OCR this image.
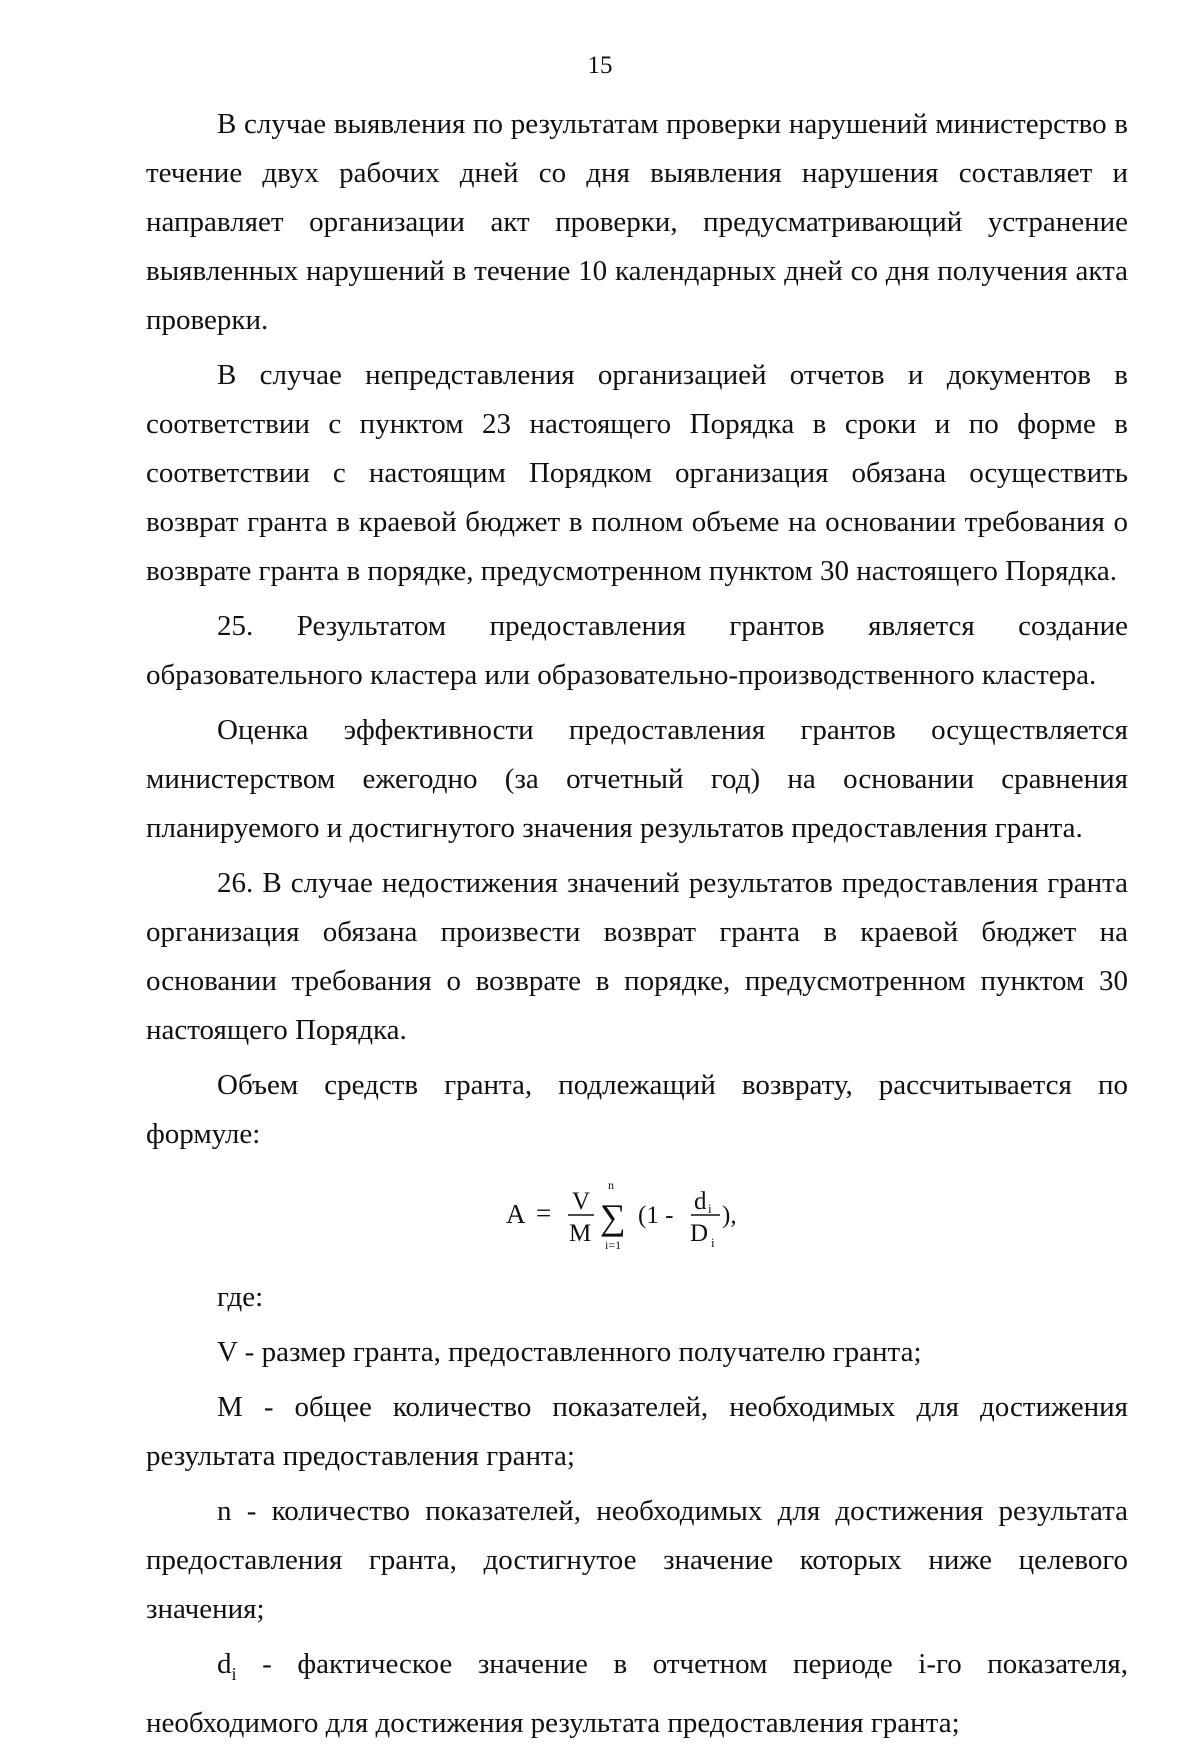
15

В случае выявления по результатам проверки нарушений министерство в течение двух рабочих дней со дня выявления нарушения составляет и направляет организации акт проверки, предусматривающий устранение выявленных нарушений в течение 10 календарных дней со дня получения акта проверки.

В случае непредставления организацией отчетов и документов в соответствии с пунктом 23 настоящего Порядка в сроки и по форме в соответствии с настоящим Порядком организация обязана осуществить возврат гранта в краевой бюджет в полном объеме на основании требования о возврате гранта в порядке, предусмотренном пунктом 30 настоящего Порядка.

25. Результатом предоставления грантов является создание образовательного кластера или образовательно-производственного кластера.

Оценка эффективности предоставления грантов осуществляется министерством ежегодно (за отчетный год) на основании сравнения планируемого и достигнутого значения результатов предоставления гранта.

26. В случае недостижения значений результатов предоставления гранта организация обязана произвести возврат гранта в краевой бюджет на основании требования о возврате в порядке, предусмотренном пунктом 30 настоящего Порядка.

Объем средств гранта, подлежащий возврату, рассчитывается по формуле:

A = V
M
n
∑
i=1
(1 -
d i
D i
),

где:

V - размер гранта, предоставленного получателю гранта;

M - общее количество показателей, необходимых для достижения результата предоставления гранта;

n - количество показателей, необходимых для достижения результата предоставления гранта, достигнутое значение которых ниже целевого значения;

$d_i$ - фактическое значение в отчетном периоде i-го показателя, необходимого для достижения результата предоставления гранта;
